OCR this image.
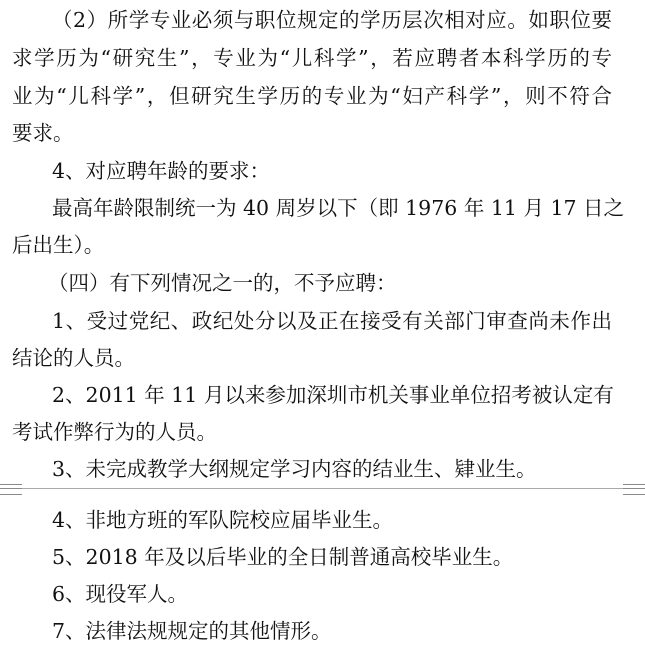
（2）所学专业必须与职位规定的学历层次相对应。如职位要
求学历为“研究生”，专业为“儿科学”，若应聘者本科学历的专
业为“儿科学”，但研究生学历的专业为“妇产科学”，则不符合
要求。
4、对应聘年龄的要求：
最高年龄限制统一为 40 周岁以下（即 1976 年 11 月 17 日之
后出生）。
（四）有下列情况之一的，不予应聘：
1、受过党纪、政纪处分以及正在接受有关部门审查尚未作出
结论的人员。
2、2011 年 11 月以来参加深圳市机关事业单位招考被认定有
考试作弊行为的人员。
3、未完成教学大纲规定学习内容的结业生、肄业生。
4、非地方班的军队院校应届毕业生。
5、2018 年及以后毕业的全日制普通高校毕业生。
6、现役军人。
7、法律法规规定的其他情形。
